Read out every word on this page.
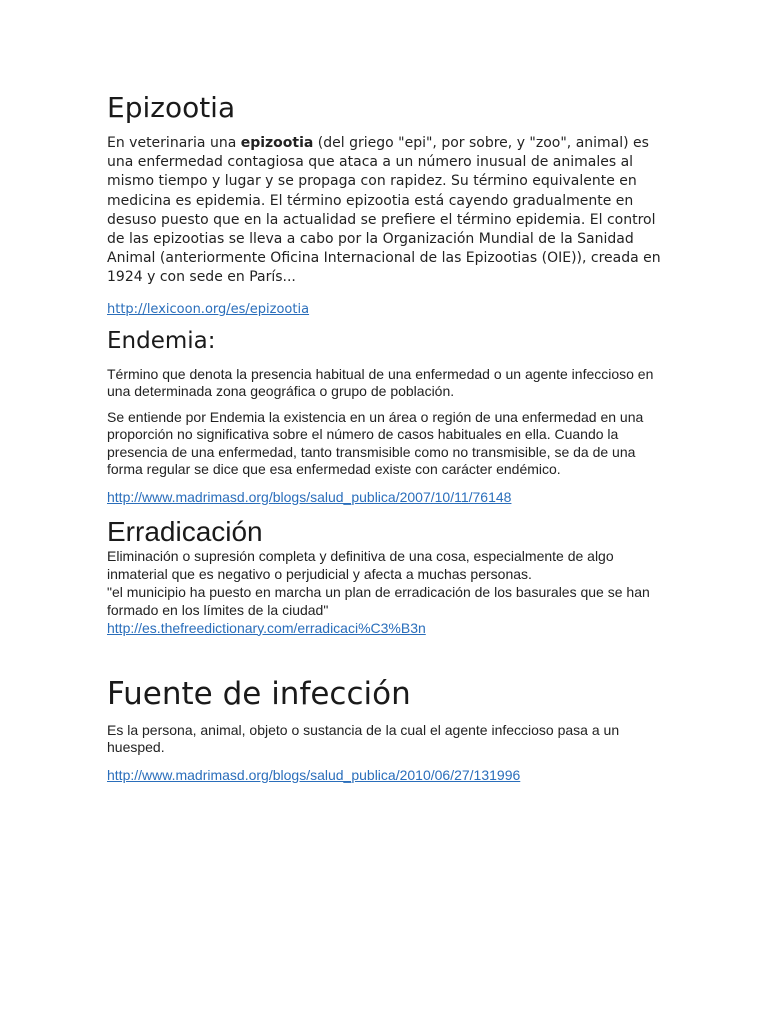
Epizootia

En veterinaria una epizootia (del griego "epi", por sobre, y "zoo", animal) es una enfermedad contagiosa que ataca a un número inusual de animales al mismo tiempo y lugar y se propaga con rapidez. Su término equivalente en medicina es epidemia. El término epizootia está cayendo gradualmente en desuso puesto que en la actualidad se prefiere el término epidemia. El control de las epizootias se lleva a cabo por la Organización Mundial de la Sanidad Animal (anteriormente Oficina Internacional de las Epizootias (OIE)), creada en 1924 y con sede en París...

http://lexicoon.org/es/epizootia
Endemia:

Término que denota la presencia habitual de una enfermedad o un agente infeccioso en una determinada zona geográfica o grupo de población.

Se entiende por Endemia la existencia en un área o región de una enfermedad en una proporción no significativa sobre el número de casos habituales en ella. Cuando la presencia de una enfermedad, tanto transmisible como no transmisible, se da de una forma regular se dice que esa enfermedad existe con carácter endémico.

http://www.madrimasd.org/blogs/salud_publica/2007/10/11/76148
Erradicación

Eliminación o supresión completa y definitiva de una cosa, especialmente de algo inmaterial que es negativo o perjudicial y afecta a muchas personas.

"el municipio ha puesto en marcha un plan de erradicación de los basurales que se han formado en los límites de la ciudad"

http://es.thefreedictionary.com/erradicaci%C3%B3n
Fuente de infección

Es la persona, animal, objeto o sustancia de la cual el agente infeccioso pasa a un huesped.

http://www.madrimasd.org/blogs/salud_publica/2010/06/27/131996
